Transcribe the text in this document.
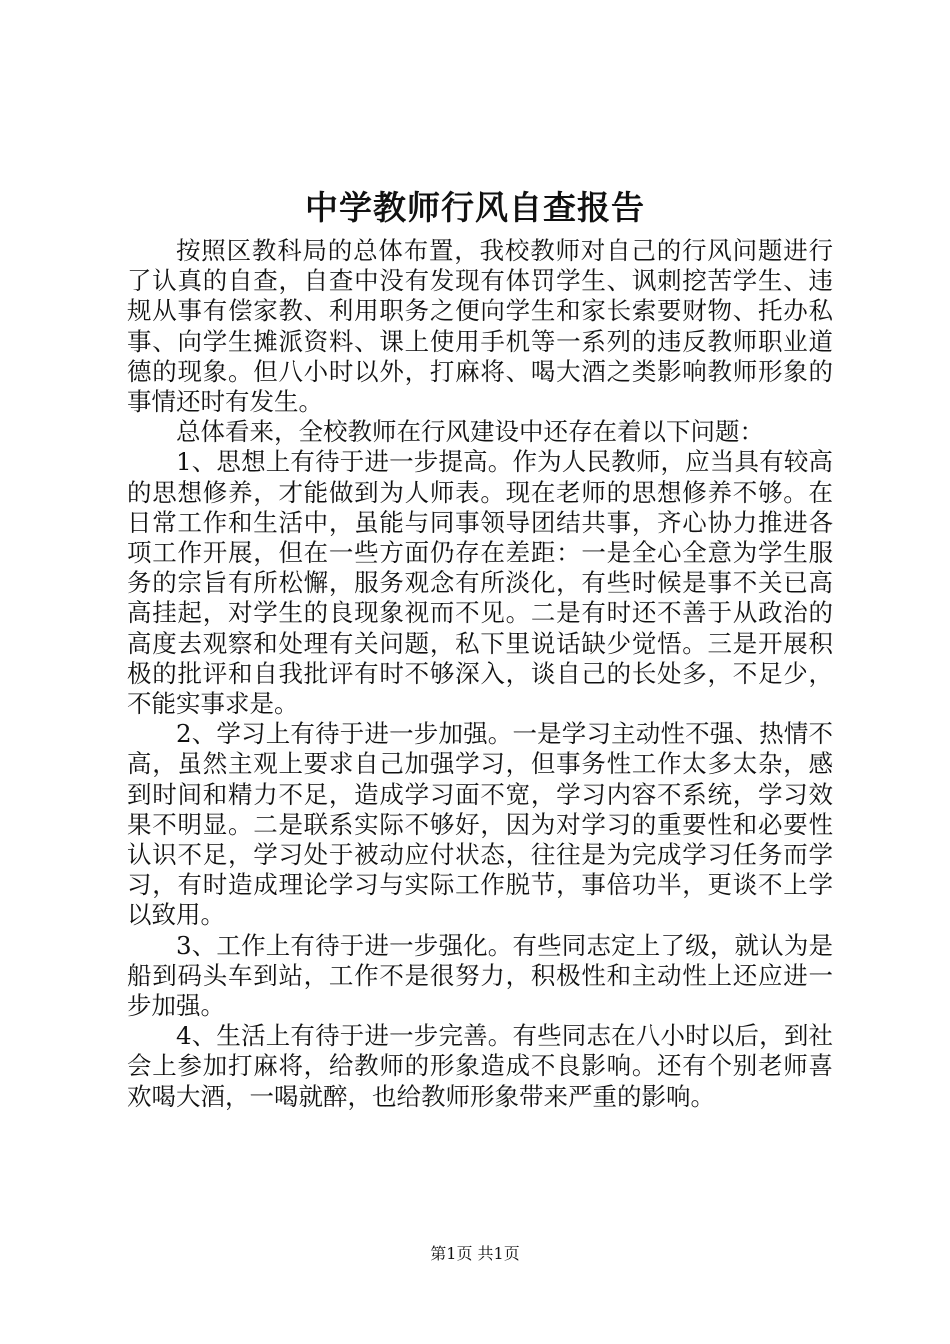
中学教师行风自查报告

按照区教科局的总体布置，我校教师对自己的行风问题进行了认真的自查，自查中没有发现有体罚学生、讽刺挖苦学生、违规从事有偿家教、利用职务之便向学生和家长索要财物、托办私事、向学生摊派资料、课上使用手机等一系列的违反教师职业道德的现象。但八小时以外，打麻将、喝大酒之类影响教师形象的事情还时有发生。

总体看来，全校教师在行风建设中还存在着以下问题：

1、思想上有待于进一步提高。作为人民教师，应当具有较高的思想修养，才能做到为人师表。现在老师的思想修养不够。在日常工作和生活中，虽能与同事领导团结共事，齐心协力推进各项工作开展，但在一些方面仍存在差距：一是全心全意为学生服务的宗旨有所松懈，服务观念有所淡化，有些时候是事不关已高高挂起，对学生的良现象视而不见。二是有时还不善于从政治的高度去观察和处理有关问题，私下里说话缺少觉悟。三是开展积极的批评和自我批评有时不够深入，谈自己的长处多，不足少，不能实事求是。

2、学习上有待于进一步加强。一是学习主动性不强、热情不高，虽然主观上要求自己加强学习，但事务性工作太多太杂，感到时间和精力不足，造成学习面不宽，学习内容不系统，学习效果不明显。二是联系实际不够好，因为对学习的重要性和必要性认识不足，学习处于被动应付状态，往往是为完成学习任务而学习，有时造成理论学习与实际工作脱节，事倍功半，更谈不上学以致用。

3、工作上有待于进一步强化。有些同志定上了级，就认为是船到码头车到站，工作不是很努力，积极性和主动性上还应进一步加强。

4、生活上有待于进一步完善。有些同志在八小时以后，到社会上参加打麻将，给教师的形象造成不良影响。还有个别老师喜欢喝大酒，一喝就醉，也给教师形象带来严重的影响。

第1页 共1页
